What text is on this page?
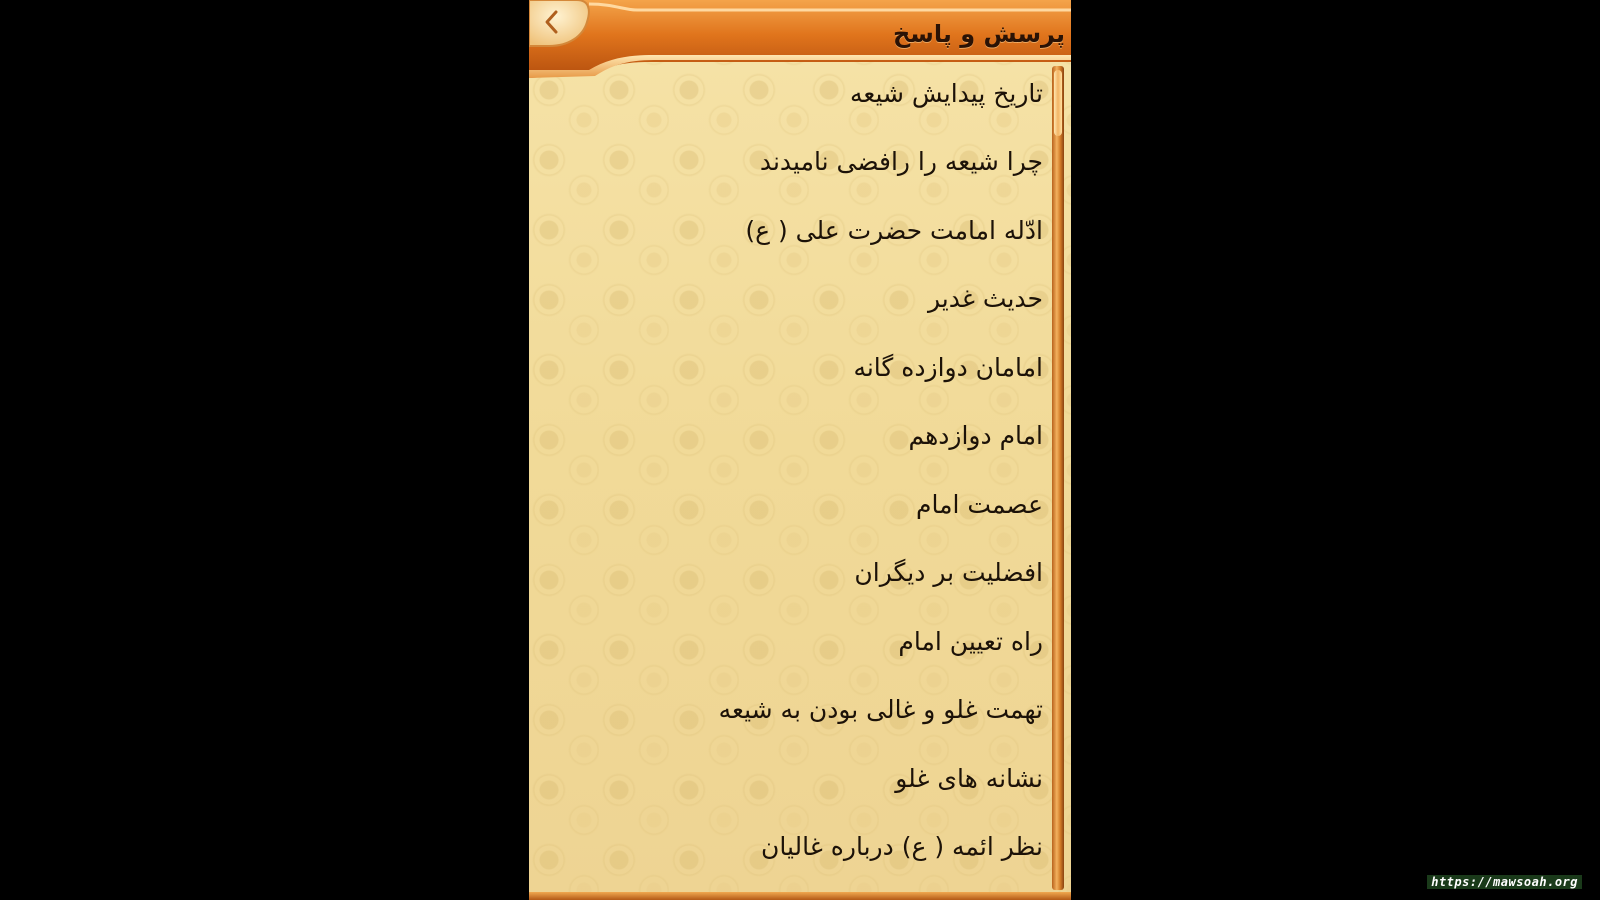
پرسش و پاسخ
تاریخ پیدایش شیعه
چرا شیعه را رافضی نامیدند
ادّله امامت حضرت علی ( ع)
حدیث غدیر
امامان دوازده گانه
امام دوازدهم
عصمت امام
افضلیت بر دیگران
راه تعیین امام
تهمت غلو و غالی بودن به شیعه
نشانه های غلو
نظر ائمه ( ع) درباره غالیان
https://mawsoah.org
